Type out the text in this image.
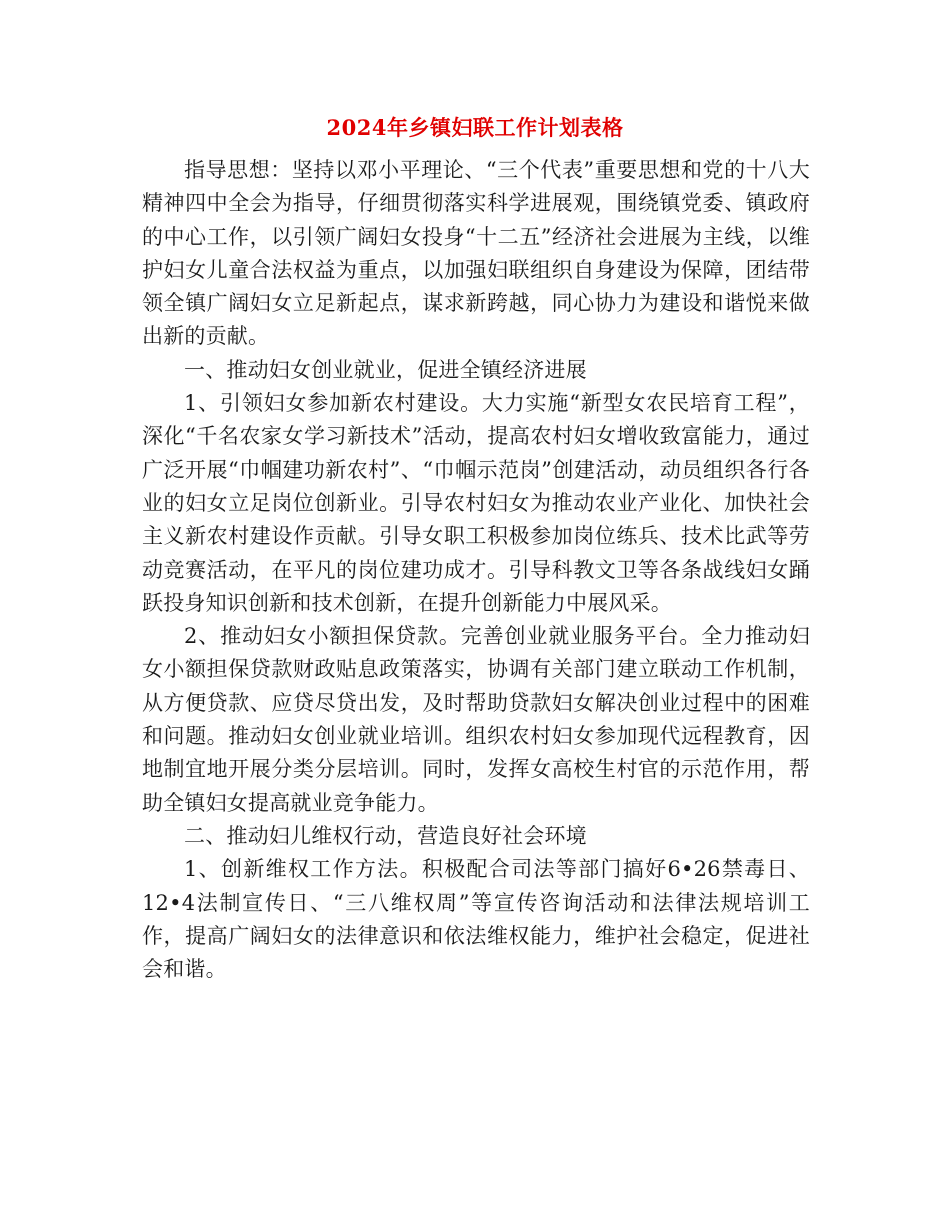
2024年乡镇妇联工作计划表格

指导思想：坚持以邓小平理论、“三个代表”重要思想和党的十八大精神四中全会为指导，仔细贯彻落实科学进展观，围绕镇党委、镇政府的中心工作，以引领广阔妇女投身“十二五”经济社会进展为主线，以维护妇女儿童合法权益为重点，以加强妇联组织自身建设为保障，团结带领全镇广阔妇女立足新起点，谋求新跨越，同心协力为建设和谐悦来做出新的贡献。

一、推动妇女创业就业，促进全镇经济进展

1、引领妇女参加新农村建设。大力实施“新型女农民培育工程”，深化“千名农家女学习新技术”活动，提高农村妇女增收致富能力，通过广泛开展“巾帼建功新农村”、“巾帼示范岗”创建活动，动员组织各行各业的妇女立足岗位创新业。引导农村妇女为推动农业产业化、加快社会主义新农村建设作贡献。引导女职工积极参加岗位练兵、技术比武等劳动竞赛活动，在平凡的岗位建功成才。引导科教文卫等各条战线妇女踊跃投身知识创新和技术创新，在提升创新能力中展风采。

2、推动妇女小额担保贷款。完善创业就业服务平台。全力推动妇女小额担保贷款财政贴息政策落实，协调有关部门建立联动工作机制，从方便贷款、应贷尽贷出发，及时帮助贷款妇女解决创业过程中的困难和问题。推动妇女创业就业培训。组织农村妇女参加现代远程教育，因地制宜地开展分类分层培训。同时，发挥女高校生村官的示范作用，帮助全镇妇女提高就业竞争能力。

二、推动妇儿维权行动，营造良好社会环境

1、创新维权工作方法。积极配合司法等部门搞好6•26禁毒日、12•4法制宣传日、“三八维权周”等宣传咨询活动和法律法规培训工作，提高广阔妇女的法律意识和依法维权能力，维护社会稳定，促进社会和谐。
